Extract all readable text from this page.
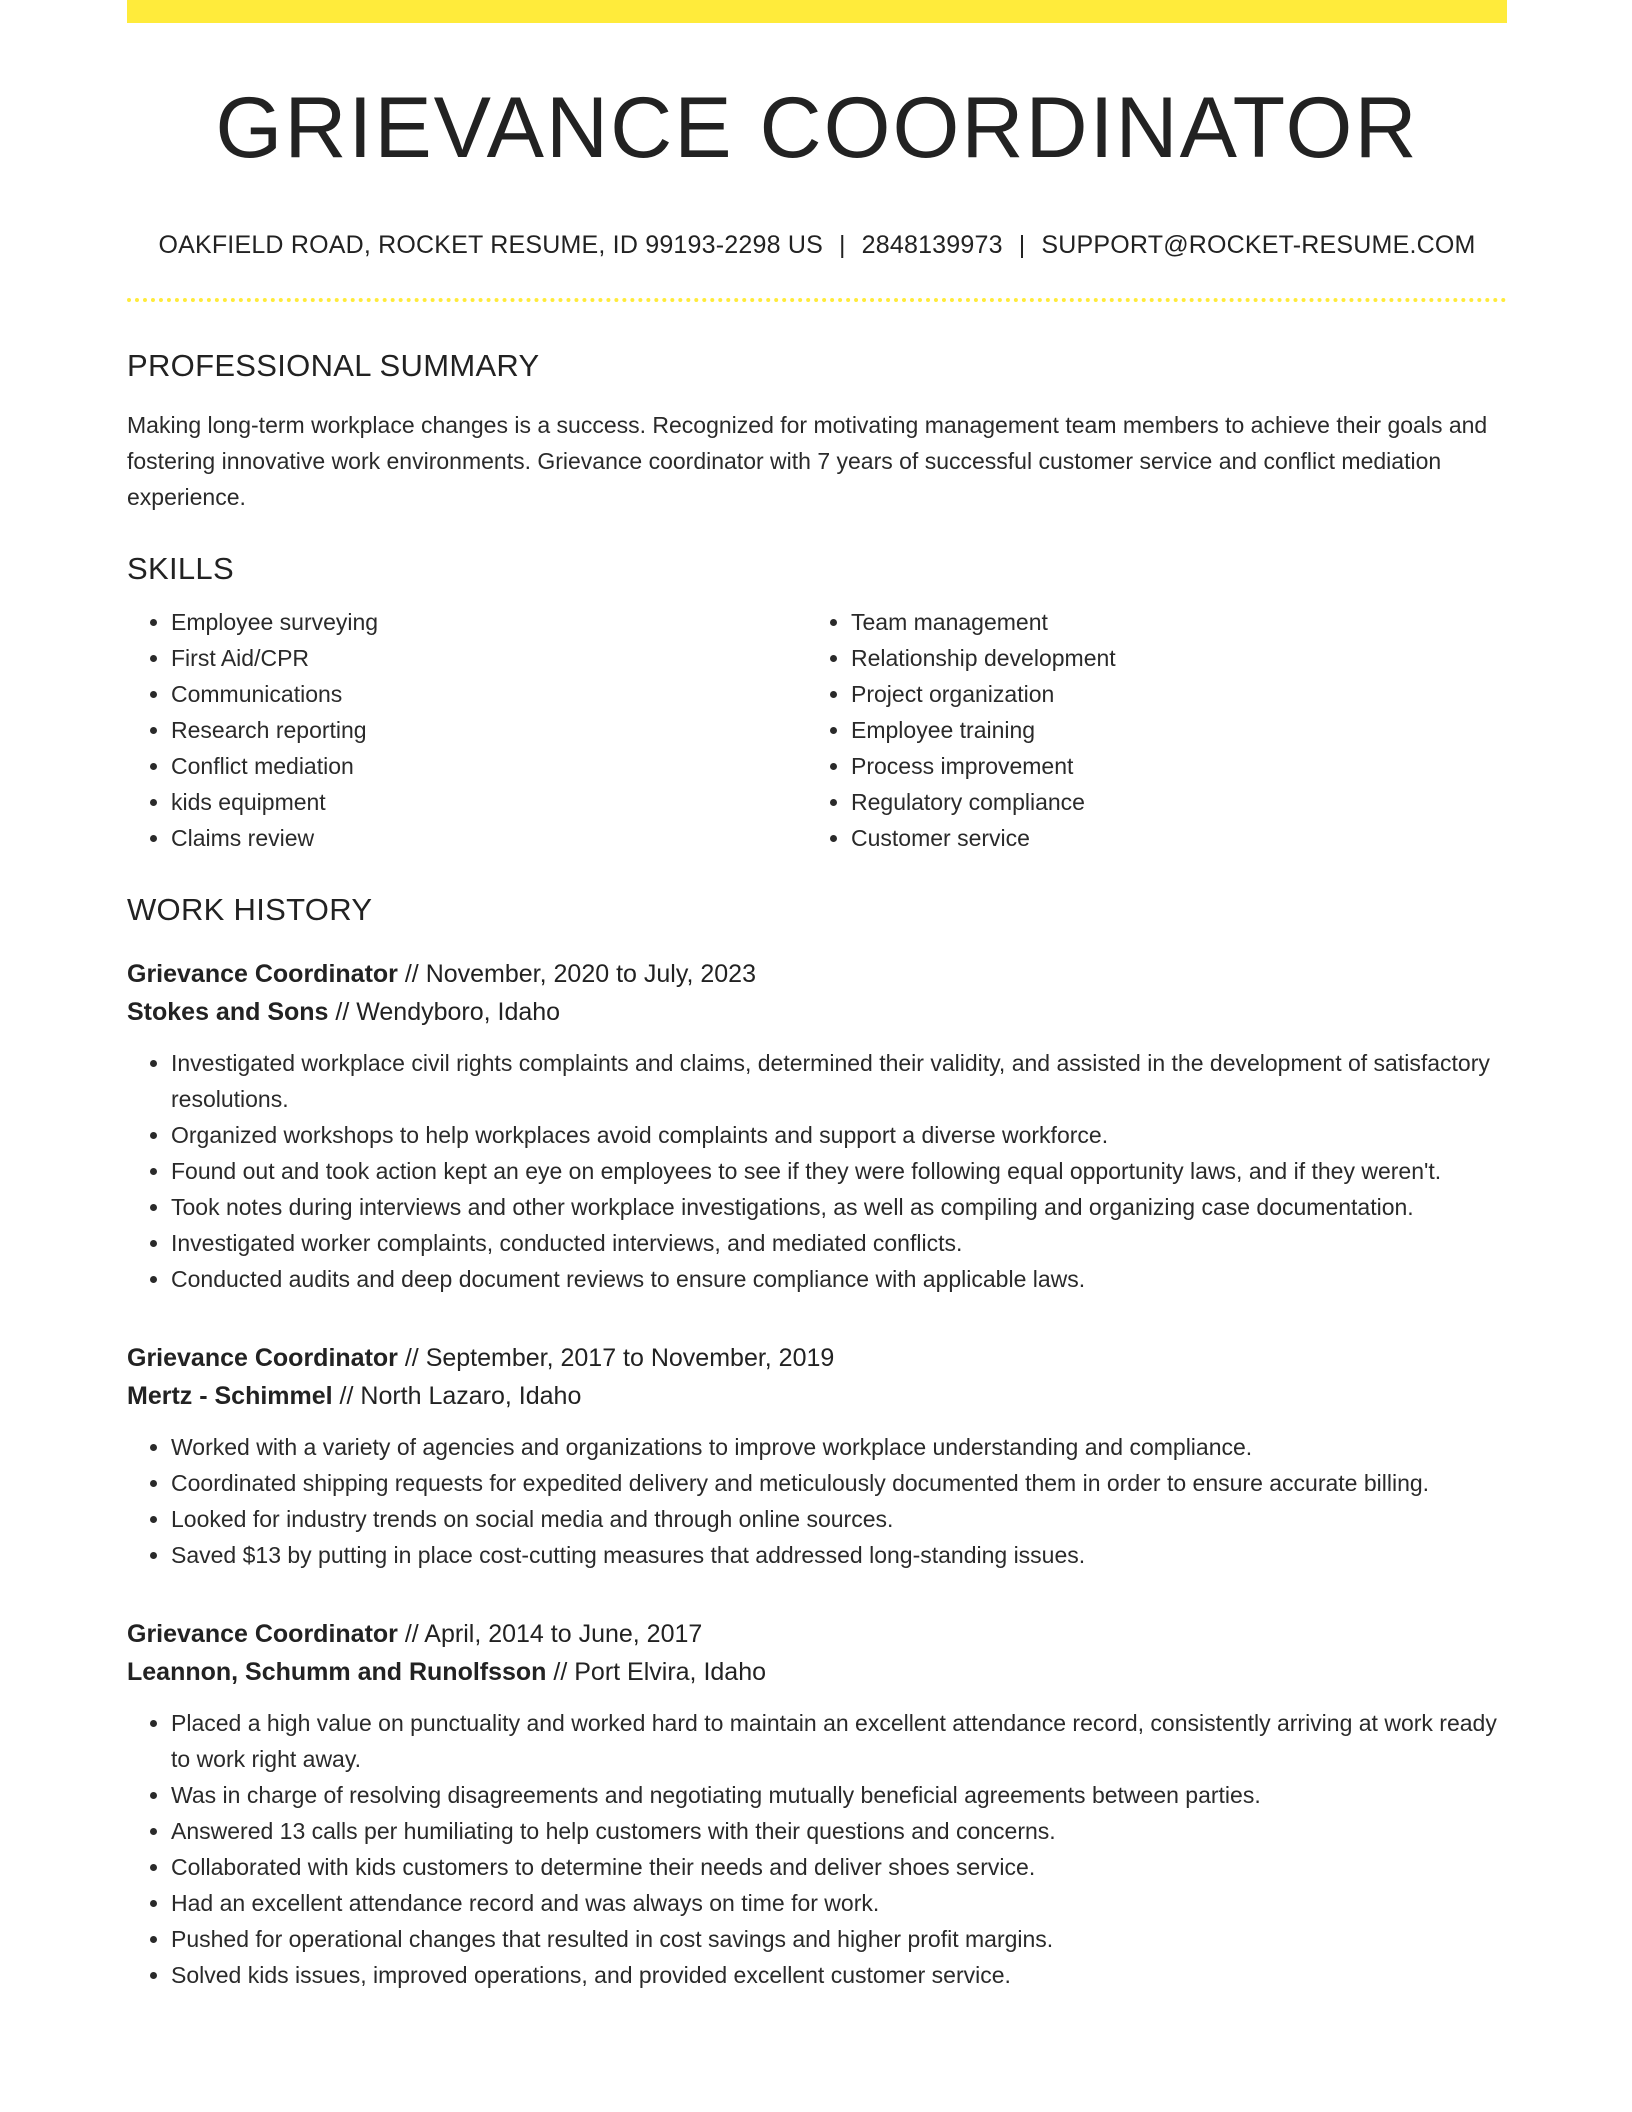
GRIEVANCE COORDINATOR
OAKFIELD ROAD, ROCKET RESUME, ID 99193-2298 US | 2848139973 | SUPPORT@ROCKET-RESUME.COM
PROFESSIONAL SUMMARY
Making long-term workplace changes is a success. Recognized for motivating management team members to achieve their goals and fostering innovative work environments. Grievance coordinator with 7 years of successful customer service and conflict mediation experience.
SKILLS
• Employee surveying
• First Aid/CPR
• Communications
• Research reporting
• Conflict mediation
• kids equipment
• Claims review
• Team management
• Relationship development
• Project organization
• Employee training
• Process improvement
• Regulatory compliance
• Customer service
WORK HISTORY
Grievance Coordinator // November, 2020 to July, 2023
Stokes and Sons // Wendyboro, Idaho
• Investigated workplace civil rights complaints and claims, determined their validity, and assisted in the development of satisfactory resolutions.
• Organized workshops to help workplaces avoid complaints and support a diverse workforce.
• Found out and took action kept an eye on employees to see if they were following equal opportunity laws, and if they weren't.
• Took notes during interviews and other workplace investigations, as well as compiling and organizing case documentation.
• Investigated worker complaints, conducted interviews, and mediated conflicts.
• Conducted audits and deep document reviews to ensure compliance with applicable laws.
Grievance Coordinator // September, 2017 to November, 2019
Mertz - Schimmel // North Lazaro, Idaho
• Worked with a variety of agencies and organizations to improve workplace understanding and compliance.
• Coordinated shipping requests for expedited delivery and meticulously documented them in order to ensure accurate billing.
• Looked for industry trends on social media and through online sources.
• Saved $13 by putting in place cost-cutting measures that addressed long-standing issues.
Grievance Coordinator // April, 2014 to June, 2017
Leannon, Schumm and Runolfsson // Port Elvira, Idaho
• Placed a high value on punctuality and worked hard to maintain an excellent attendance record, consistently arriving at work ready to work right away.
• Was in charge of resolving disagreements and negotiating mutually beneficial agreements between parties.
• Answered 13 calls per humiliating to help customers with their questions and concerns.
• Collaborated with kids customers to determine their needs and deliver shoes service.
• Had an excellent attendance record and was always on time for work.
• Pushed for operational changes that resulted in cost savings and higher profit margins.
• Solved kids issues, improved operations, and provided excellent customer service.
